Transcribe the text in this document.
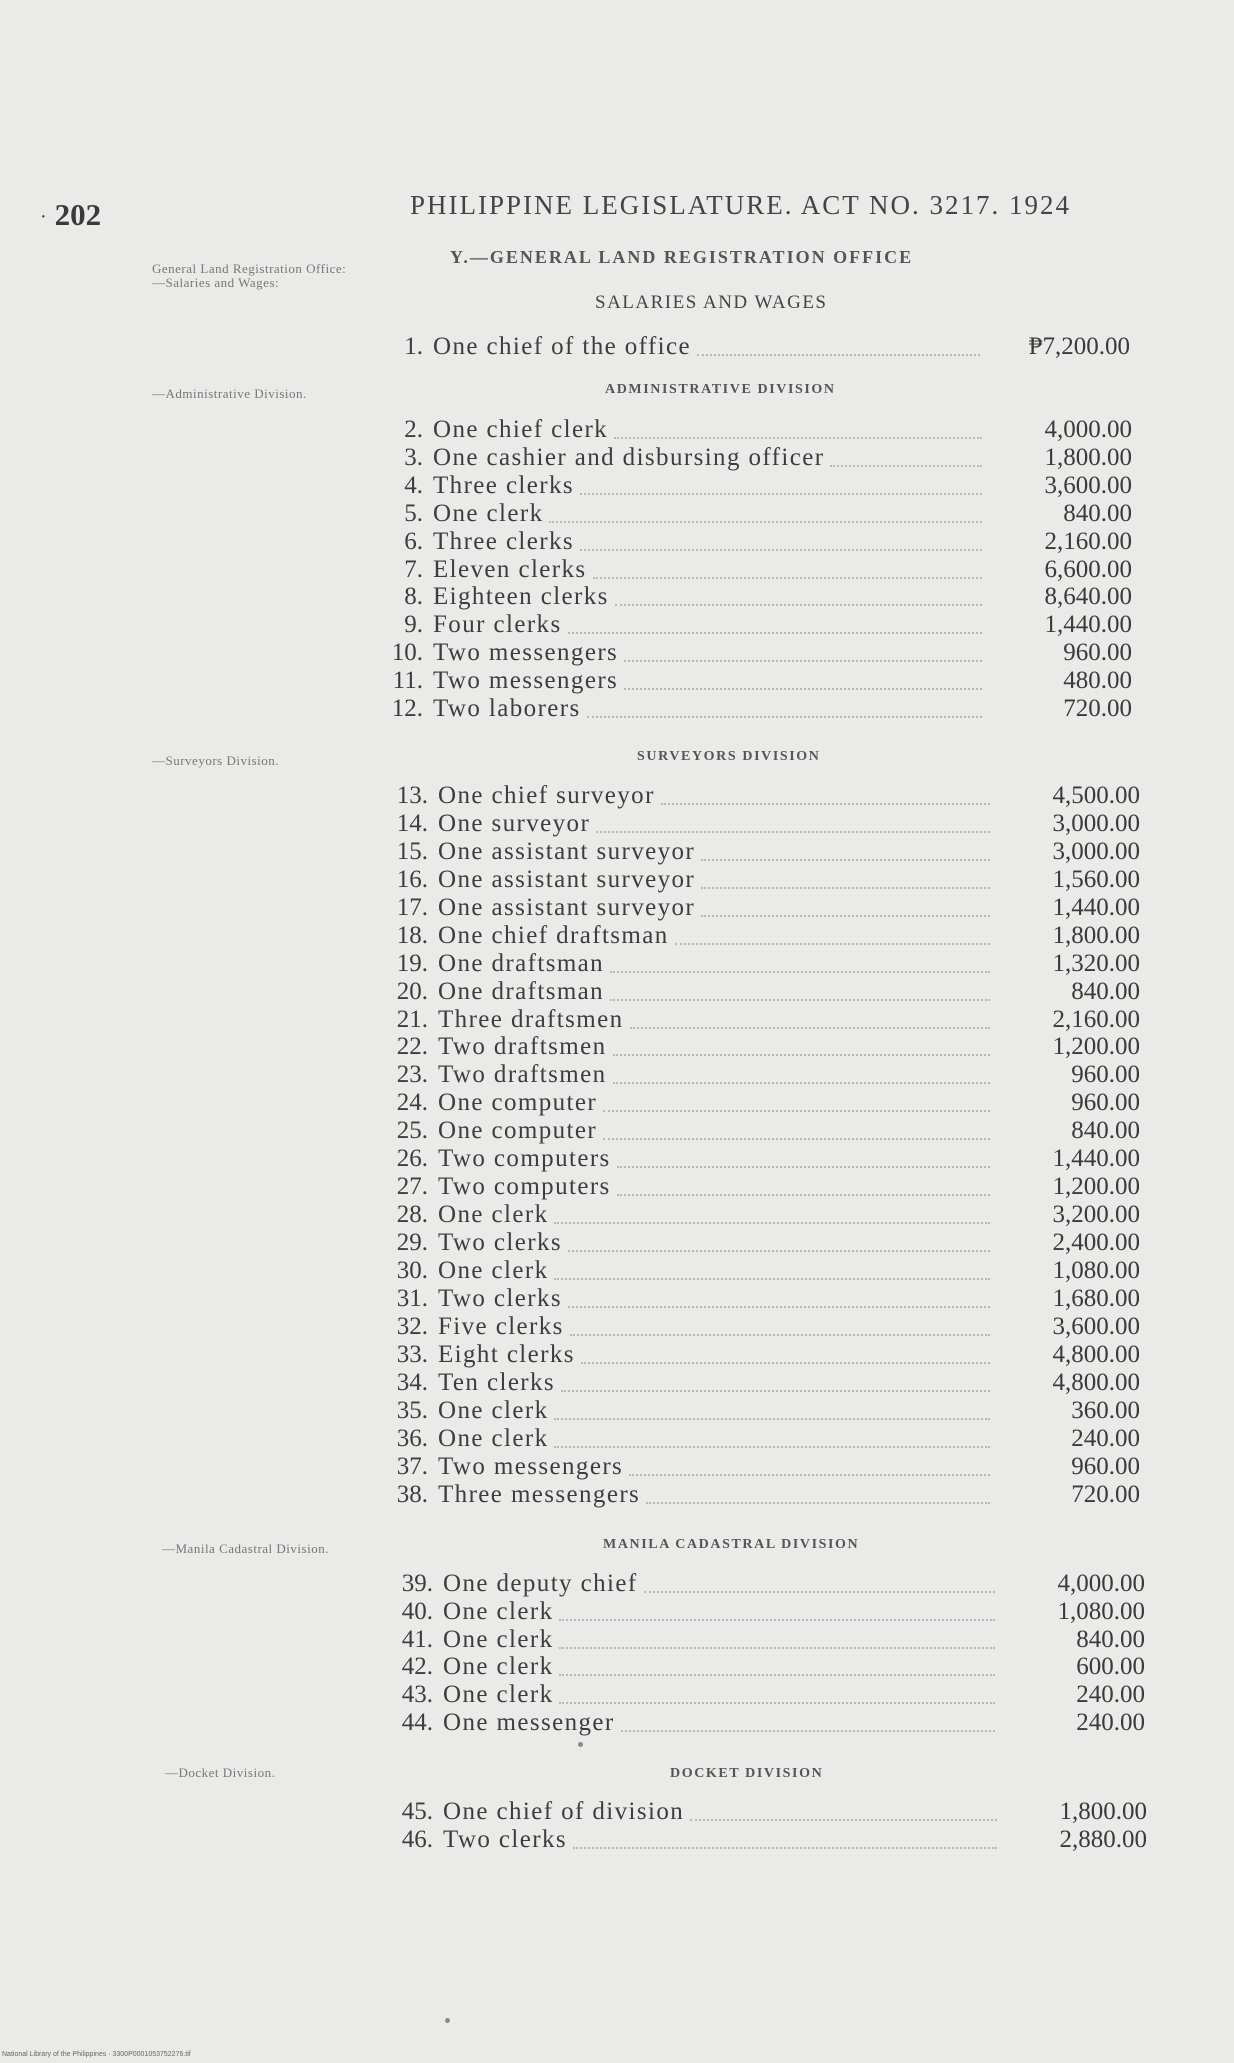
· 202	PHILIPPINE LEGISLATURE. ACT NO. 3217. 1924
Y.—GENERAL LAND REGISTRATION OFFICE
SALARIES AND WAGES
General Land Registration Office: —Salaries and Wages:
—Administrative Division.
—Surveyors Division.
—Manila Cadastral Division.
—Docket Division.
ADMINISTRATIVE DIVISION
SURVEYORS DIVISION
MANILA CADASTRAL DIVISION
DOCKET DIVISION
1. One chief of the office	₱7,200.00
2. One chief clerk	4,000.00
3. One cashier and disbursing officer	1,800.00
4. Three clerks	3,600.00
5. One clerk	840.00
6. Three clerks	2,160.00
7. Eleven clerks	6,600.00
8. Eighteen clerks	8,640.00
9. Four clerks	1,440.00
10. Two messengers	960.00
11. Two messengers	480.00
12. Two laborers	720.00
13. One chief surveyor	4,500.00
14. One surveyor	3,000.00
15. One assistant surveyor	3,000.00
16. One assistant surveyor	1,560.00
17. One assistant surveyor	1,440.00
18. One chief draftsman	1,800.00
19. One draftsman	1,320.00
20. One draftsman	840.00
21. Three draftsmen	2,160.00
22. Two draftsmen	1,200.00
23. Two draftsmen	960.00
24. One computer	960.00
25. One computer	840.00
26. Two computers	1,440.00
27. Two computers	1,200.00
28. One clerk	3,200.00
29. Two clerks	2,400.00
30. One clerk	1,080.00
31. Two clerks	1,680.00
32. Five clerks	3,600.00
33. Eight clerks	4,800.00
34. Ten clerks	4,800.00
35. One clerk	360.00
36. One clerk	240.00
37. Two messengers	960.00
38. Three messengers	720.00
39. One deputy chief	4,000.00
40. One clerk	1,080.00
41. One clerk	840.00
42. One clerk	600.00
43. One clerk	240.00
44. One messenger	240.00
45. One chief of division	1,800.00
46. Two clerks	2,880.00
National Library of the Philippines · 3300P0001053752276.tif
